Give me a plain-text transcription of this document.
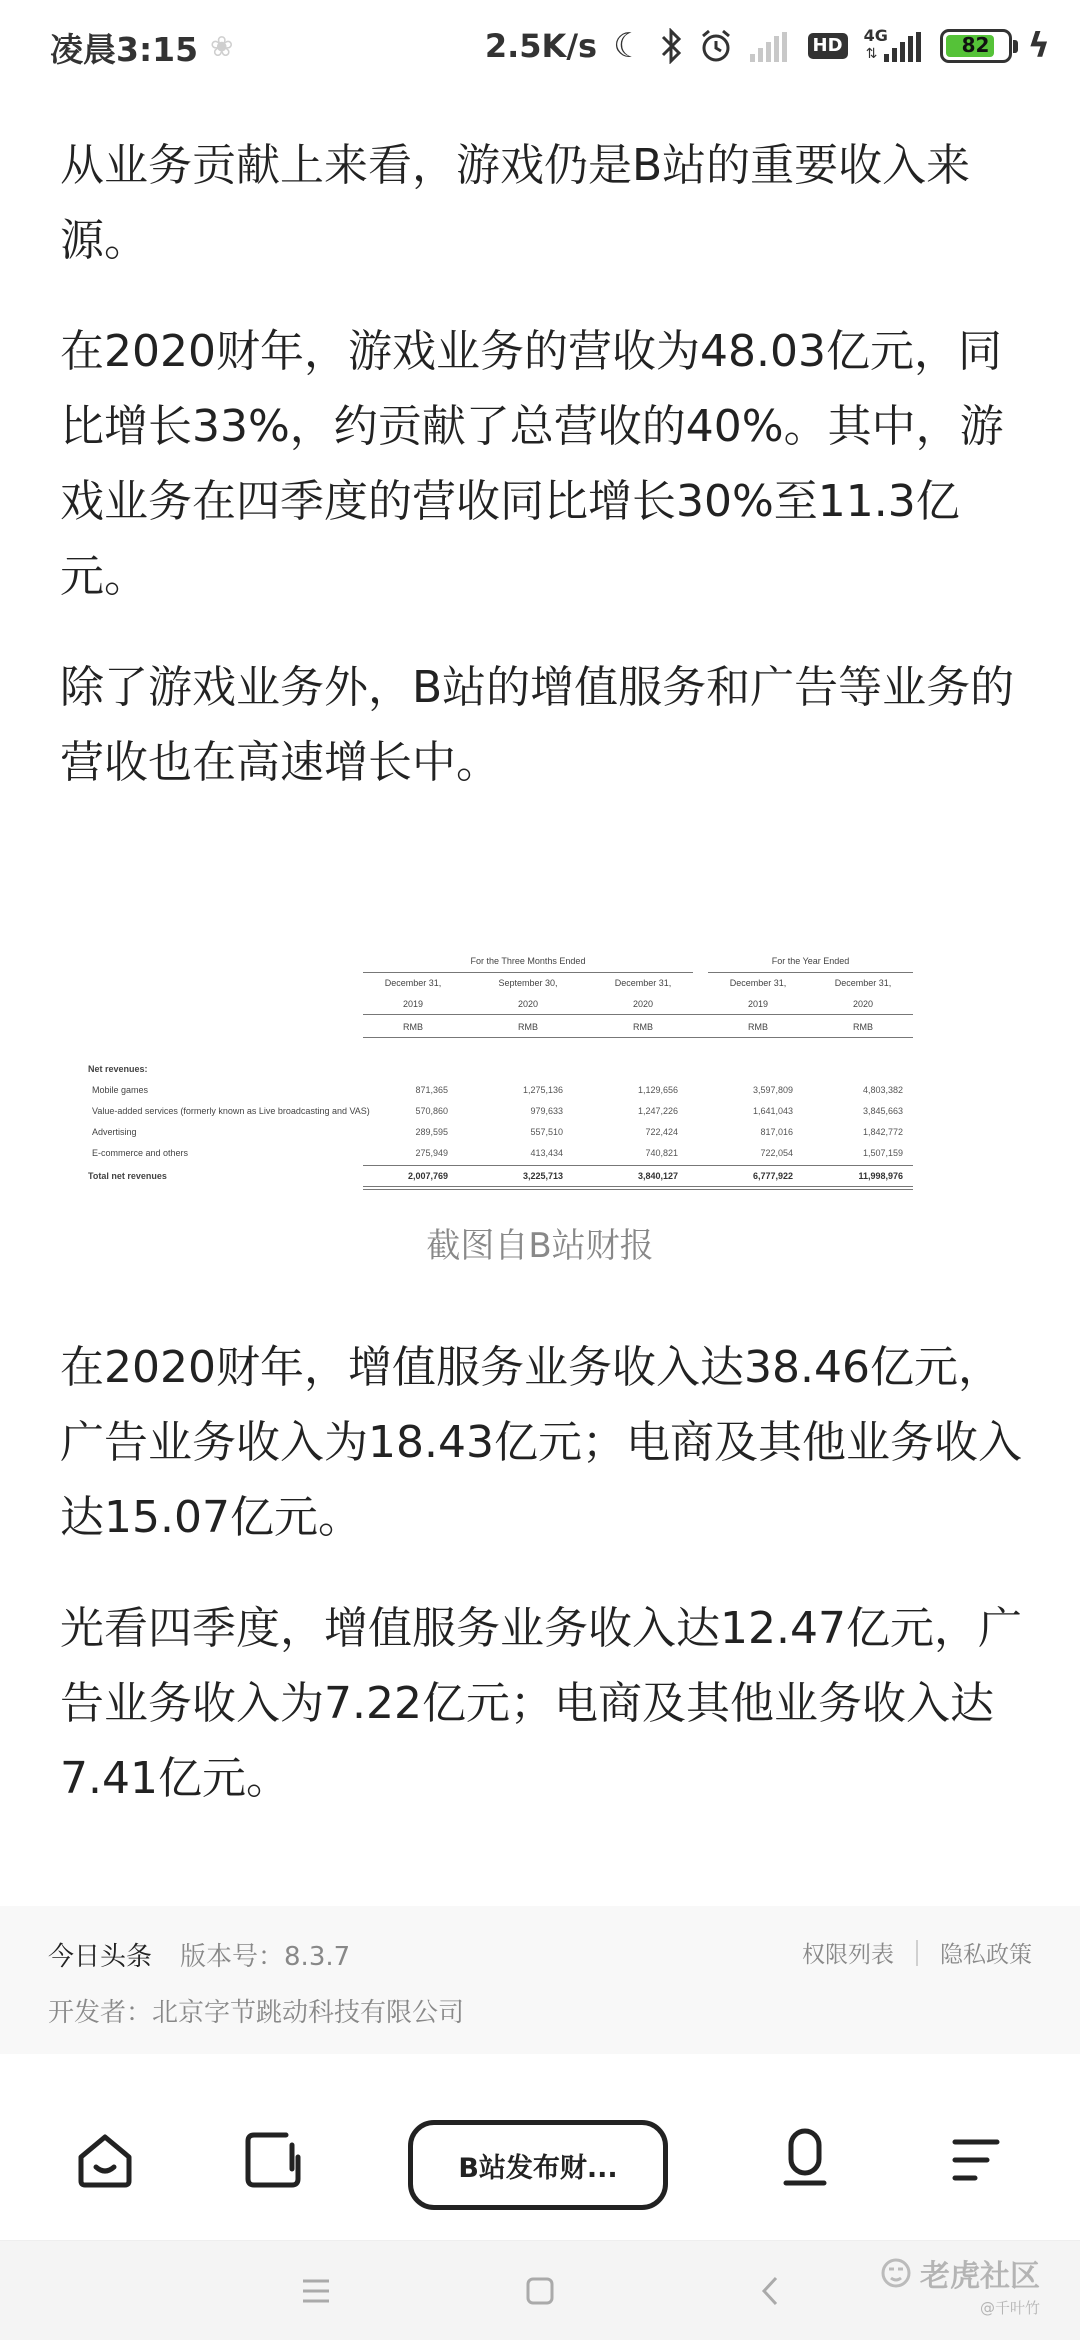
凌晨3:15 ❀	2.5K/s ☾	HD	4G
⇅	82	ϟ

从业务贡献上来看，游戏仍是B站的重要收入来源。

在2020财年，游戏业务的营收为48.03亿元，同比增长33%，约贡献了总营收的40%。其中，游戏业务在四季度的营收同比增长30%至11.3亿元。

除了游戏业务外，B站的增值服务和广告等业务的营收也在高速增长中。

For the Three Months Ended	For the Year Ended
December 31,	September 30,	December 31,	December 31,	December 31,
2019	2020	2020	2019	2020
RMB	RMB	RMB	RMB	RMB
Net revenues:
Mobile games	871,365	1,275,136	1,129,656	3,597,809	4,803,382
Value-added services (formerly known as Live broadcasting and VAS)	570,860	979,633	1,247,226	1,641,043	3,845,663
Advertising	289,595	557,510	722,424	817,016	1,842,772
E-commerce and others	275,949	413,434	740,821	722,054	1,507,159
Total net revenues	2,007,769	3,225,713	3,840,127	6,777,922	11,998,976
截图自B站财报

在2020财年，增值服务业务收入达38.46亿元，广告业务收入为18.43亿元；电商及其他业务收入达15.07亿元。

光看四季度，增值服务业务收入达12.47亿元，广告业务收入为7.22亿元；电商及其他业务收入达7.41亿元。

今日头条 版本号：8.3.7	权限列表 隐私政策
开发者：北京字节跳动科技有限公司
B站发布财...
老虎社区
@千叶竹
